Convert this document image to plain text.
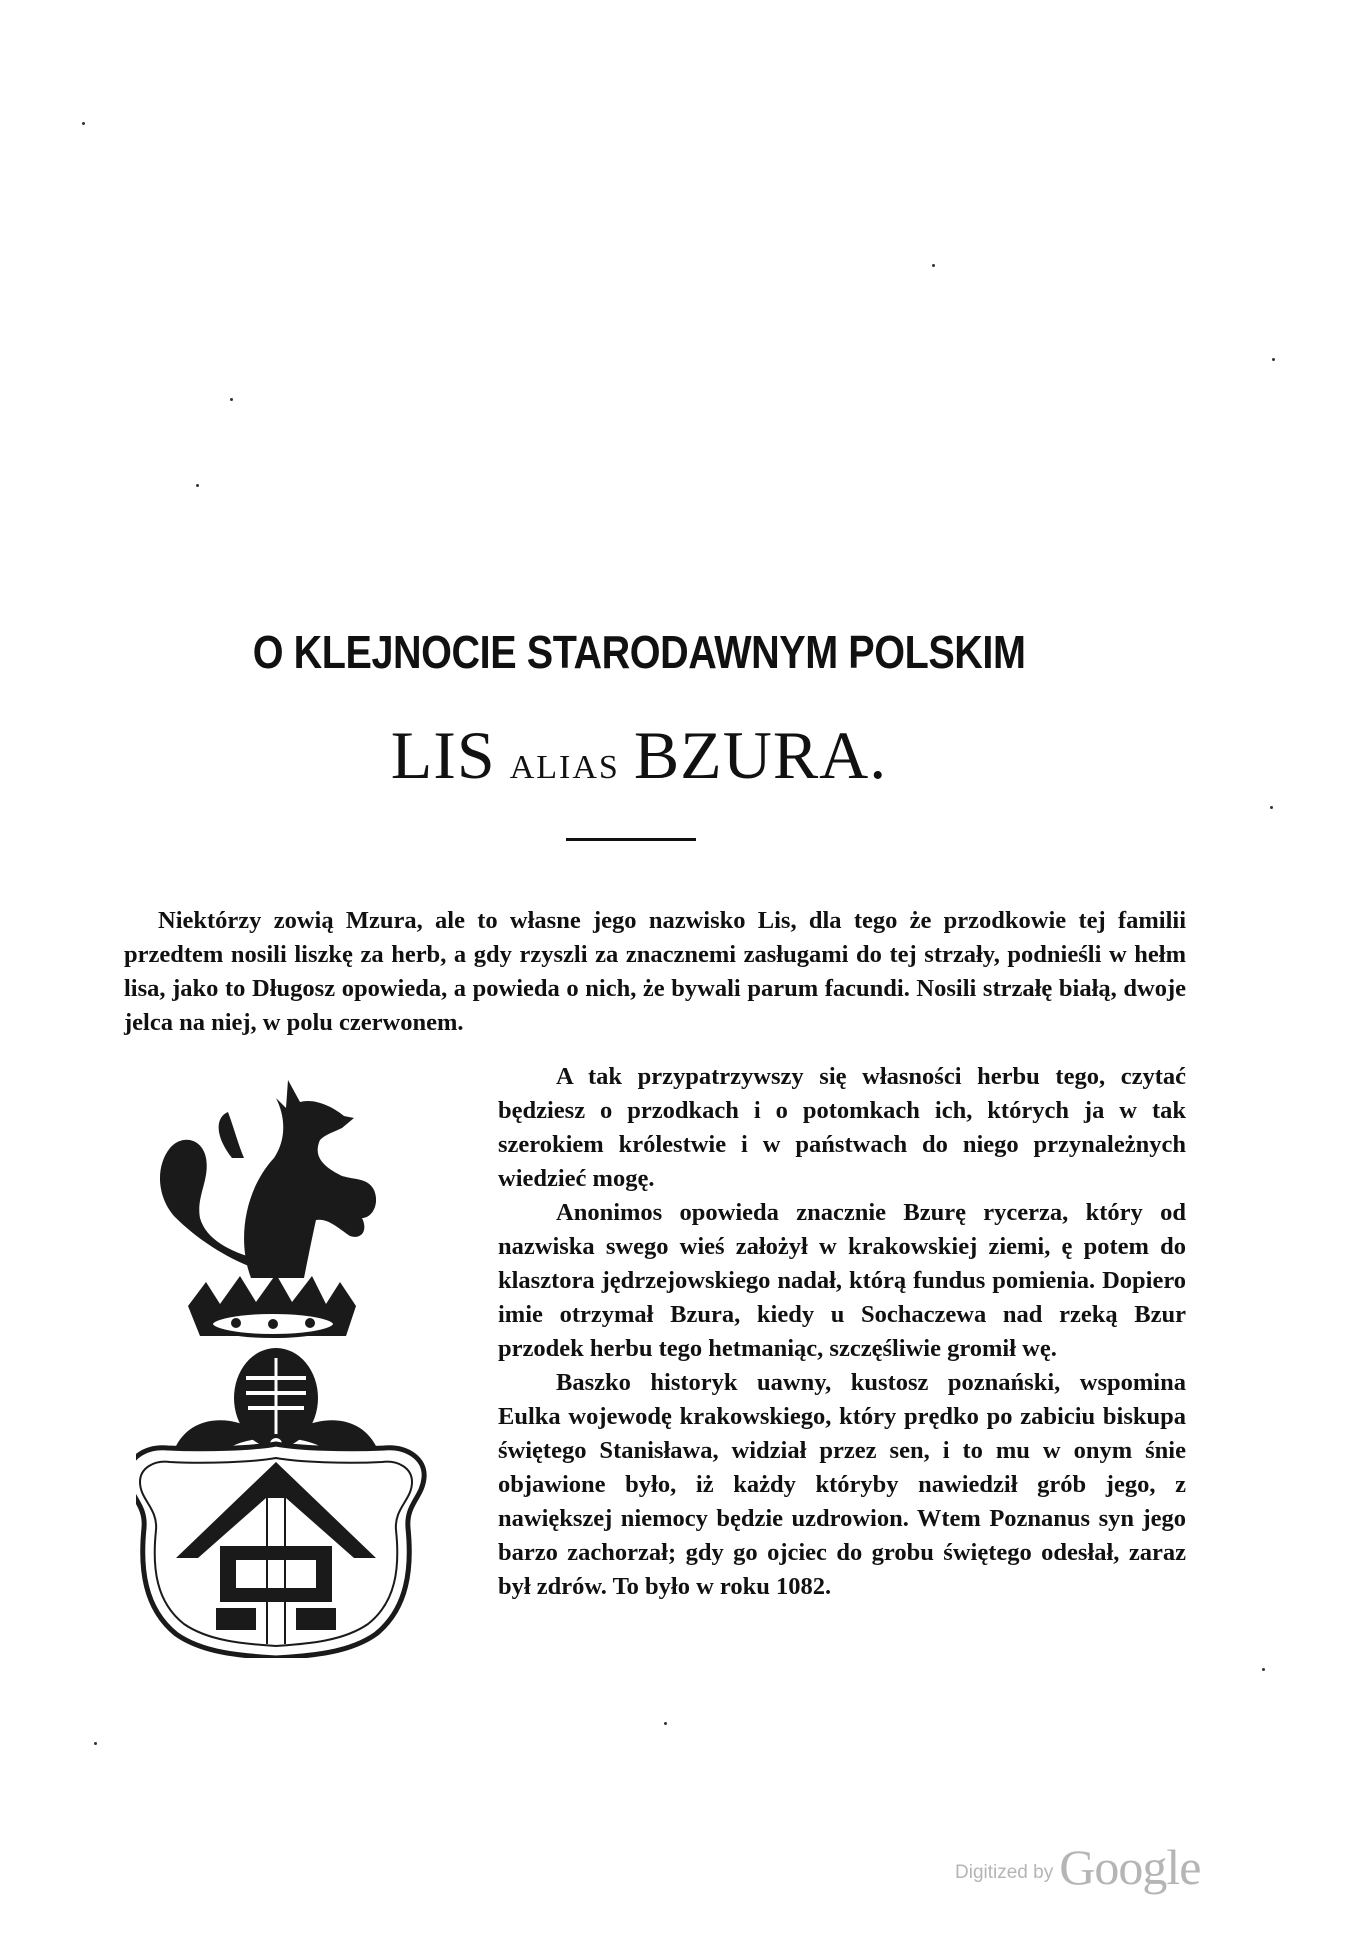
O KLEJNOCIE STARODAWNYM POLSKIM
LIS ALIAS BZURA.

Niektórzy zowią Mzura, ale to własne jego nazwisko Lis, dla tego że przodkowie tej familii przedtem nosili liszkę za herb, a gdy rzyszli za znacznemi zasługami do tej strzały, podnieśli w hełm lisa, jako to Długosz opowieda, a powieda o nich, że bywali parum facundi. Nosili strzałę białą, dwoje jelca na niej, w polu czerwonem.

A tak przypatrzywszy się własności herbu tego, czytać będziesz o przodkach i o potomkach ich, których ja w tak szerokiem królestwie i w państwach do niego przynależnych wiedzieć mogę.

Anonimos opowieda znacznie Bzurę rycerza, który od nazwiska swego wieś założył w krakowskiej ziemi, ę potem do klasztora jędrzejowskiego nadał, którą fundus pomienia. Dopiero imie otrzymał Bzura, kiedy u Sochaczewa nad rzeką Bzur przodek herbu tego hetmaniąc, szczęśliwie gromił wę.

Baszko historyk uawny, kustosz poznański, wspomina Eulka wojewodę krakowskiego, który prędko po zabiciu biskupa świętego Stanisława, widział przez sen, i to mu w onym śnie objawione było, iż każdy któryby nawiedził grób jego, z nawiększej niemocy będzie uzdrowion. Wtem Poznanus syn jego barzo zachorzał; gdy go ojciec do grobu świętego odesłał, zaraz był zdrów. To było w roku 1082.

Digitized by Google
